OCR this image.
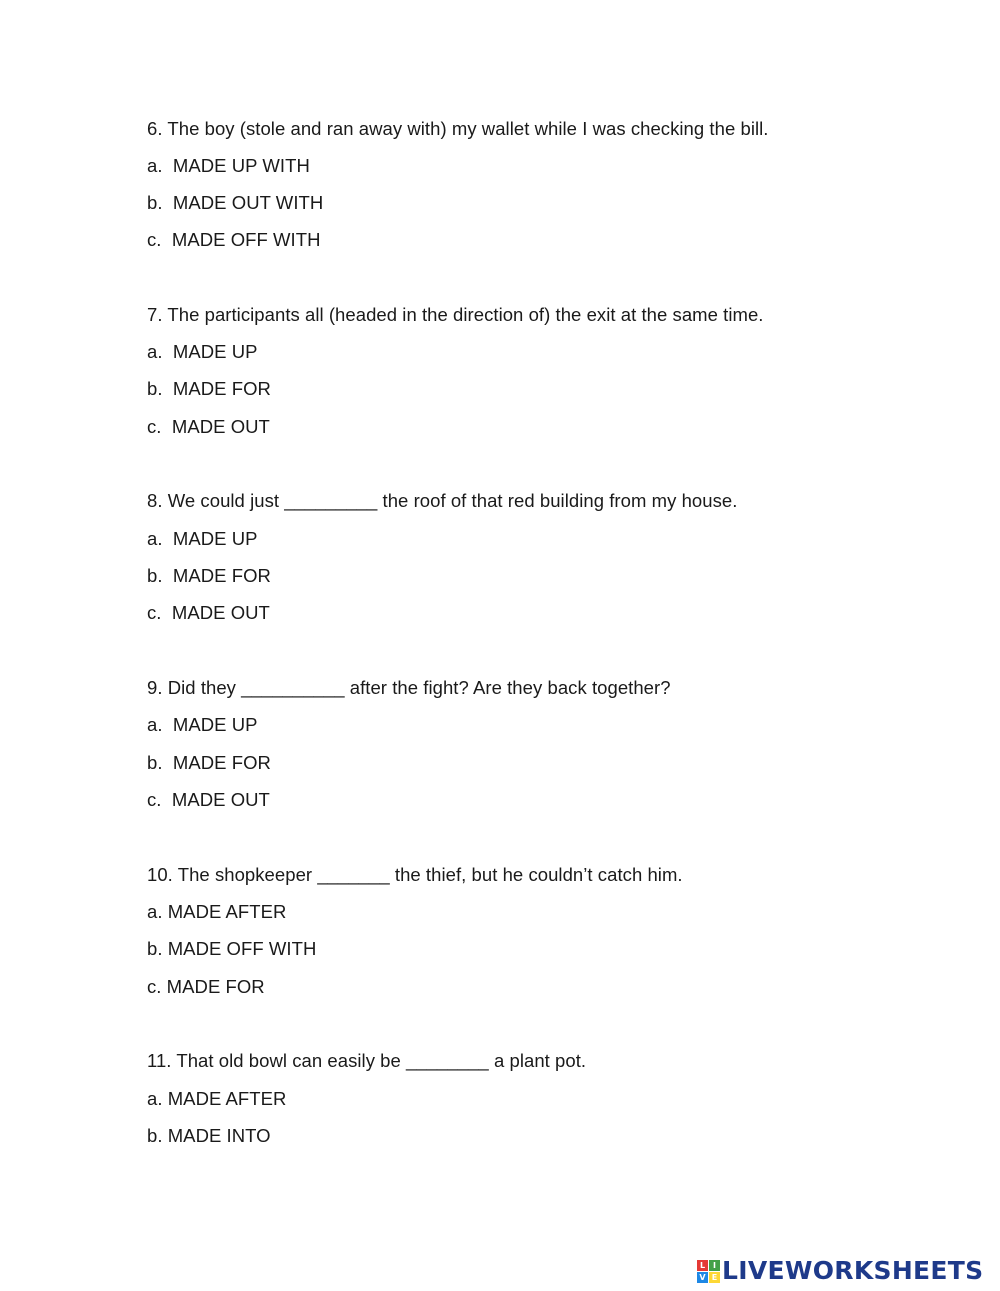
6. The boy (stole and ran away with) my wallet while I was checking the bill.
a.  MADE UP WITH
b.  MADE OUT WITH
c.  MADE OFF WITH
7. The participants all (headed in the direction of) the exit at the same time.
a.  MADE UP
b.  MADE FOR
c.  MADE OUT
8. We could just _________ the roof of that red building from my house.
a.  MADE UP
b.  MADE FOR
c.  MADE OUT
9. Did they __________ after the fight? Are they back together?
a.  MADE UP
b.  MADE FOR
c.  MADE OUT
10. The shopkeeper _______ the thief, but he couldn’t catch him.
a. MADE AFTER
b. MADE OFF WITH
c. MADE FOR
11. That old bowl can easily be ________ a plant pot.
a. MADE AFTER
b. MADE INTO
L I
V E LIVEWORKSHEETS
